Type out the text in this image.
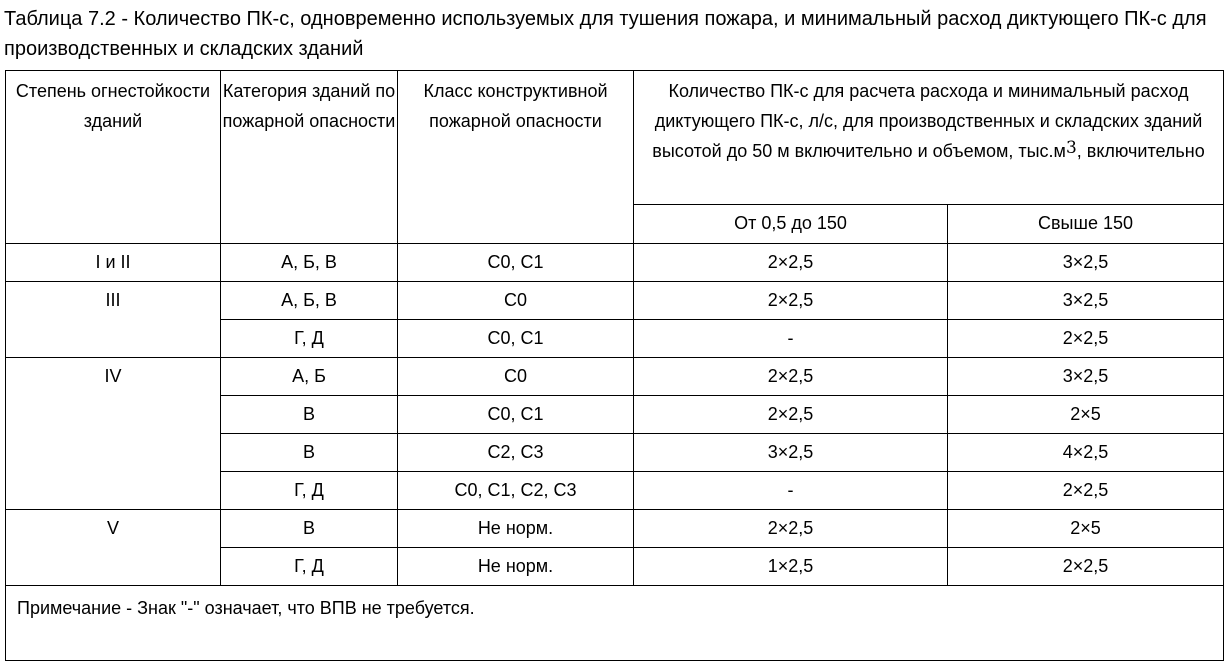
Таблица 7.2 - Количество ПК-с, одновременно используемых для тушения пожара, и минимальный расход диктующего ПК-с для производственных и складских зданий
Степень огнестойкости зданий	Категория зданий по пожарной опасности	Класс конструктивной пожарной опасности	Количество ПК-с для расчета расхода и минимальный расход диктующего ПК-с, л/с, для производственных и складских зданий высотой до 50 м включительно и объемом, $тыс.м^3$, включительно	
			От 0,5 до 150	Свыше 150
I и II	А, Б, В	С0, С1	2×2,5	3×2,5
III	А, Б, В	С0	2×2,5	3×2,5
	Г, Д	С0, С1	-	2×2,5
IV	А, Б	С0	2×2,5	3×2,5
	В	С0, С1	2×2,5	2×5
	В	С2, С3	3×2,5	4×2,5
	Г, Д	С0, С1, С2, С3	-	2×2,5
V	В	Не норм.	2×2,5	2×5
	Г, Д	Не норм.	1×2,5	2×2,5
Примечание - Знак "-" означает, что ВПВ не требуется.				
